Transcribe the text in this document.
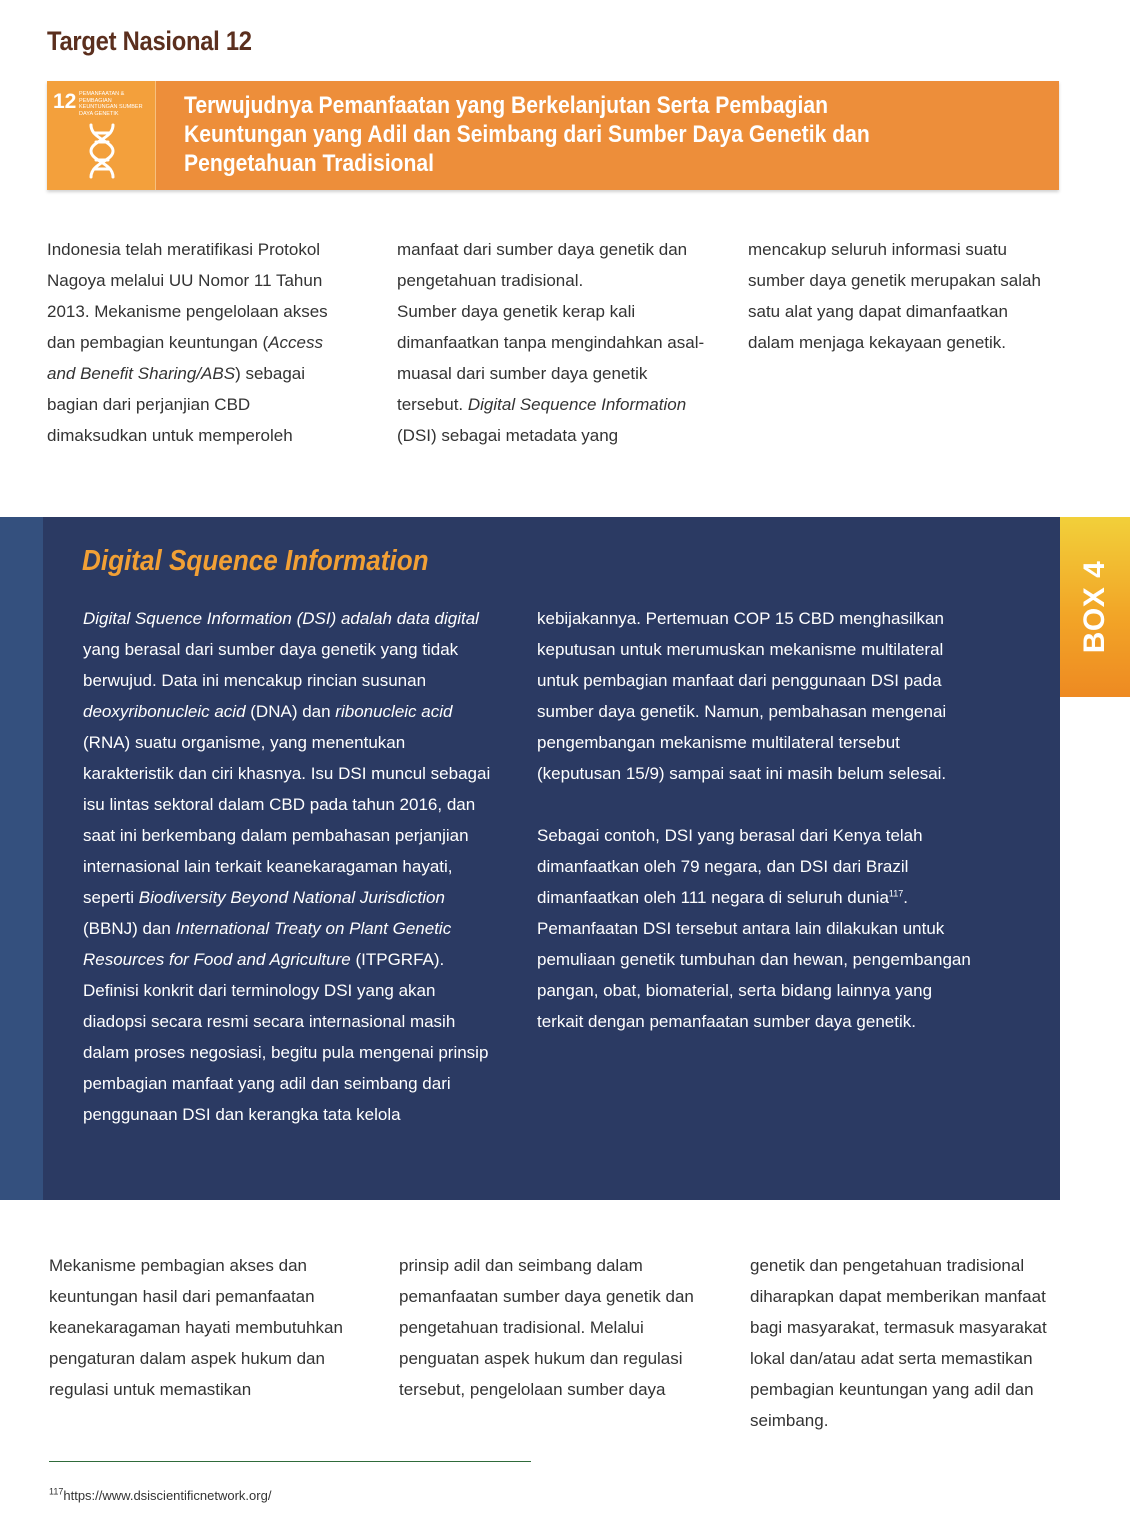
Target Nasional 12
12 PEMANFAATAN & PEMBAGIAN KEUNTUNGAN SUMBER DAYA GENETIK	Terwujudnya Pemanfaatan yang Berkelanjutan Serta Pembagian
Keuntungan yang Adil dan Seimbang dari Sumber Daya Genetik dan
Pengetahuan Tradisional

Indonesia telah meratifikasi Protokol Nagoya melalui UU Nomor 11 Tahun 2013. Mekanisme pengelolaan akses dan pembagian keuntungan (Access and Benefit Sharing/ABS) sebagai bagian dari perjanjian CBD dimaksudkan untuk memperoleh

manfaat dari sumber daya genetik dan pengetahuan tradisional.

Sumber daya genetik kerap kali dimanfaatkan tanpa mengindahkan asal-muasal dari sumber daya genetik tersebut. Digital Sequence Information (DSI) sebagai metadata yang

mencakup seluruh informasi suatu sumber daya genetik merupakan salah satu alat yang dapat dimanfaatkan dalam menjaga kekayaan genetik.

BOX 4
Digital Squence Information

Digital Squence Information (DSI) adalah data digital yang berasal dari sumber daya genetik yang tidak berwujud. Data ini mencakup rincian susunan deoxyribonucleic acid (DNA) dan ribonucleic acid (RNA) suatu organisme, yang menentukan karakteristik dan ciri khasnya. Isu DSI muncul sebagai isu lintas sektoral dalam CBD pada tahun 2016, dan saat ini berkembang dalam pembahasan perjanjian internasional lain terkait keanekaragaman hayati, seperti Biodiversity Beyond National Jurisdiction (BBNJ) dan International Treaty on Plant Genetic Resources for Food and Agriculture (ITPGRFA). Definisi konkrit dari terminology DSI yang akan diadopsi secara resmi secara internasional masih dalam proses negosiasi, begitu pula mengenai prinsip pembagian manfaat yang adil dan seimbang dari penggunaan DSI dan kerangka tata kelola

kebijakannya. Pertemuan COP 15 CBD menghasilkan keputusan untuk merumuskan mekanisme multilateral untuk pembagian manfaat dari penggunaan DSI pada sumber daya genetik. Namun, pembahasan mengenai pengembangan mekanisme multilateral tersebut (keputusan 15/9) sampai saat ini masih belum selesai.

Sebagai contoh, DSI yang berasal dari Kenya telah dimanfaatkan oleh 79 negara, dan DSI dari Brazil dimanfaatkan oleh 111 negara di seluruh dunia$^{117}$. Pemanfaatan DSI tersebut antara lain dilakukan untuk pemuliaan genetik tumbuhan dan hewan, pengembangan pangan, obat, biomaterial, serta bidang lainnya yang terkait dengan pemanfaatan sumber daya genetik.

Mekanisme pembagian akses dan keuntungan hasil dari pemanfaatan keanekaragaman hayati membutuhkan pengaturan dalam aspek hukum dan regulasi untuk memastikan

prinsip adil dan seimbang dalam pemanfaatan sumber daya genetik dan pengetahuan tradisional. Melalui penguatan aspek hukum dan regulasi tersebut, pengelolaan sumber daya

genetik dan pengetahuan tradisional diharapkan dapat memberikan manfaat bagi masyarakat, termasuk masyarakat lokal dan/atau adat serta memastikan pembagian keuntungan yang adil dan seimbang.

$^{117}$https://www.dsiscientificnetwork.org/
